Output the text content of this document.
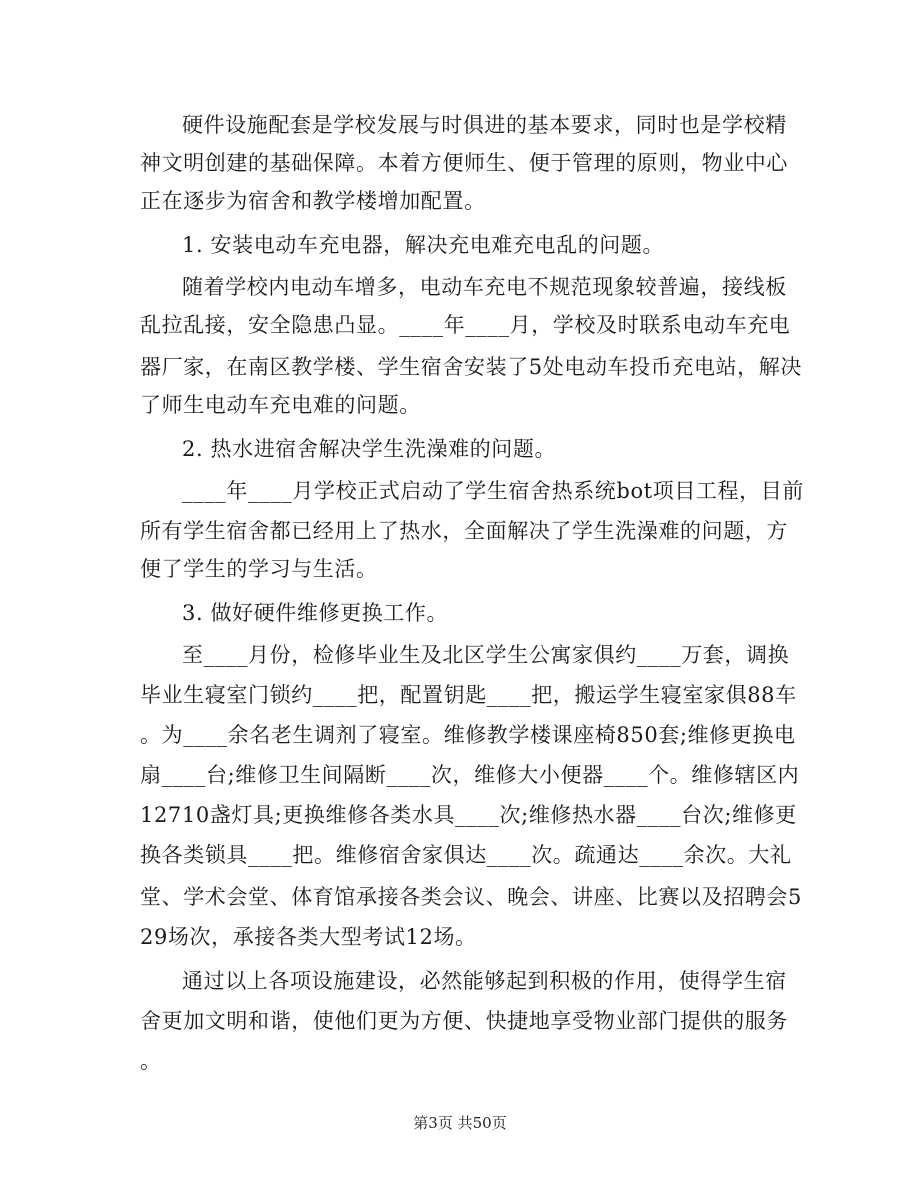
硬件设施配套是学校发展与时俱进的基本要求，同时也是学校精
神文明创建的基础保障。本着方便师生、便于管理的原则，物业中心
正在逐步为宿舍和教学楼增加配置。
1. 安装电动车充电器，解决充电难充电乱的问题。
随着学校内电动车增多，电动车充电不规范现象较普遍，接线板
乱拉乱接，安全隐患凸显。____年____月，学校及时联系电动车充电
器厂家，在南区教学楼、学生宿舍安装了5处电动车投币充电站，解决
了师生电动车充电难的问题。
2. 热水进宿舍解决学生洗澡难的问题。
____年____月学校正式启动了学生宿舍热系统bot项目工程，目前
所有学生宿舍都已经用上了热水，全面解决了学生洗澡难的问题，方
便了学生的学习与生活。
3. 做好硬件维修更换工作。
至____月份，检修毕业生及北区学生公寓家俱约____万套，调换
毕业生寝室门锁约____把，配置钥匙____把，搬运学生寝室家俱88车
。为____余名老生调剂了寝室。维修教学楼课座椅850套;维修更换电
扇____台;维修卫生间隔断____次，维修大小便器____个。维修辖区内
12710盏灯具;更换维修各类水具____次;维修热水器____台次;维修更
换各类锁具____把。维修宿舍家俱达____次。疏通达____余次。大礼
堂、学术会堂、体育馆承接各类会议、晚会、讲座、比赛以及招聘会5
29场次，承接各类大型考试12场。
通过以上各项设施建设，必然能够起到积极的作用，使得学生宿
舍更加文明和谐，使他们更为方便、快捷地享受物业部门提供的服务
。
第3页 共50页
